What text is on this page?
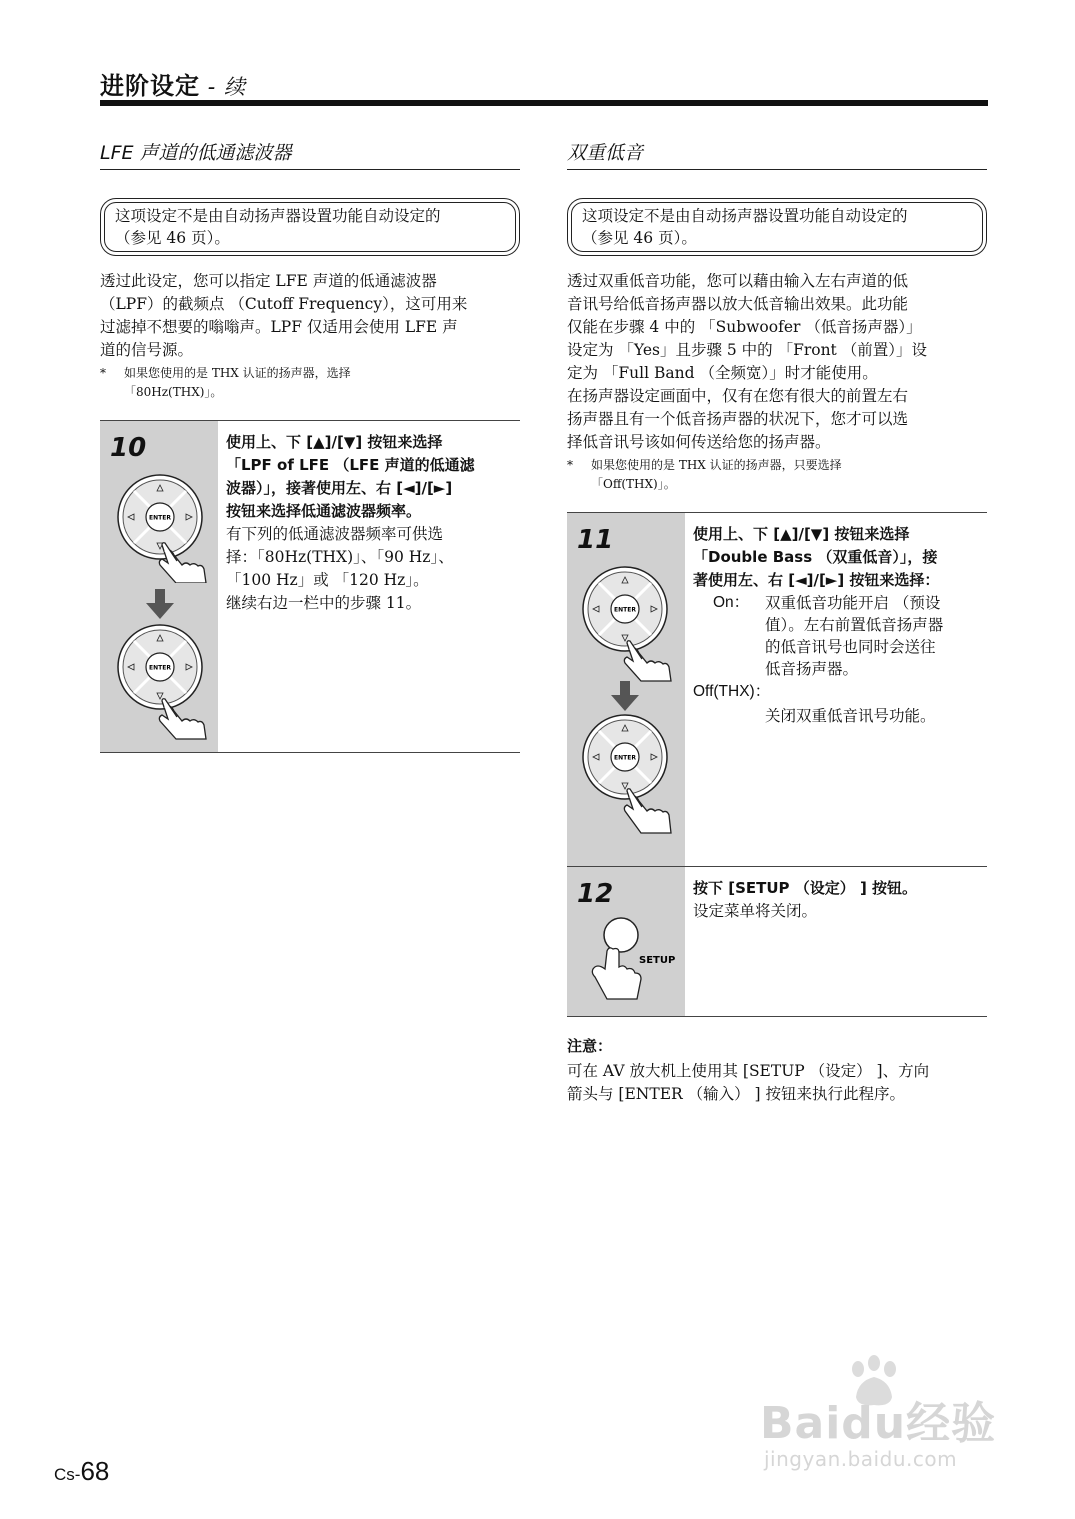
进阶设定 - 续
LFE 声道的低通滤波器
这项设定不是由自动扬声器设置功能自动设定的
（参见 46 页）。
透过此设定，您可以指定 LFE 声道的低通滤波器
（LPF）的截频点 （Cutoff Frequency），这可用来
过滤掉不想要的嗡嗡声。LPF 仅适用会使用 LFE 声
道的信号源。
*	如果您使用的是 THX 认证的扬声器，选择
「80Hz(THX)」。
10
ENTER
ENTER
使用上、下 [▲]/[▼] 按钮来选择
「LPF of LFE （LFE 声道的低通滤
波器）」，接著使用左、右 [◄]/[►]
按钮来选择低通滤波器频率。
有下列的低通滤波器频率可供选
择：「80Hz(THX)」、「90 Hz」、
「100 Hz」或 「120 Hz」。
继续右边一栏中的步骤 11。
双重低音
这项设定不是由自动扬声器设置功能自动设定的
（参见 46 页）。
透过双重低音功能，您可以藉由输入左右声道的低
音讯号给低音扬声器以放大低音输出效果。此功能
仅能在步骤 4 中的 「Subwoofer （低音扬声器）」
设定为 「Yes」且步骤 5 中的 「Front （前置）」设
定为 「Full Band （全频宽）」时才能使用。
在扬声器设定画面中，仅有在您有很大的前置左右
扬声器且有一个低音扬声器的状况下，您才可以选
择低音讯号该如何传送给您的扬声器。
*	如果您使用的是 THX 认证的扬声器，只要选择
「Off(THX)」。
11
ENTER
ENTER
使用上、下 [▲]/[▼] 按钮来选择
「Double Bass （双重低音）」，接
著使用左、右 [◄]/[►] 按钮来选择：
On：	双重低音功能开启 （预设
值）。左右前置低音扬声器
的低音讯号也同时会送往
低音扬声器。
Off(THX)：
关闭双重低音讯号功能。
12
SETUP
按下 [SETUP （设定） ] 按钮。
设定菜单将关闭。
注意：
可在 AV 放大机上使用其 [SETUP （设定） ]、方向
箭头与 [ENTER （输入） ] 按钮来执行此程序。
Cs-68
Baidu经验
jingyan.baidu.com
